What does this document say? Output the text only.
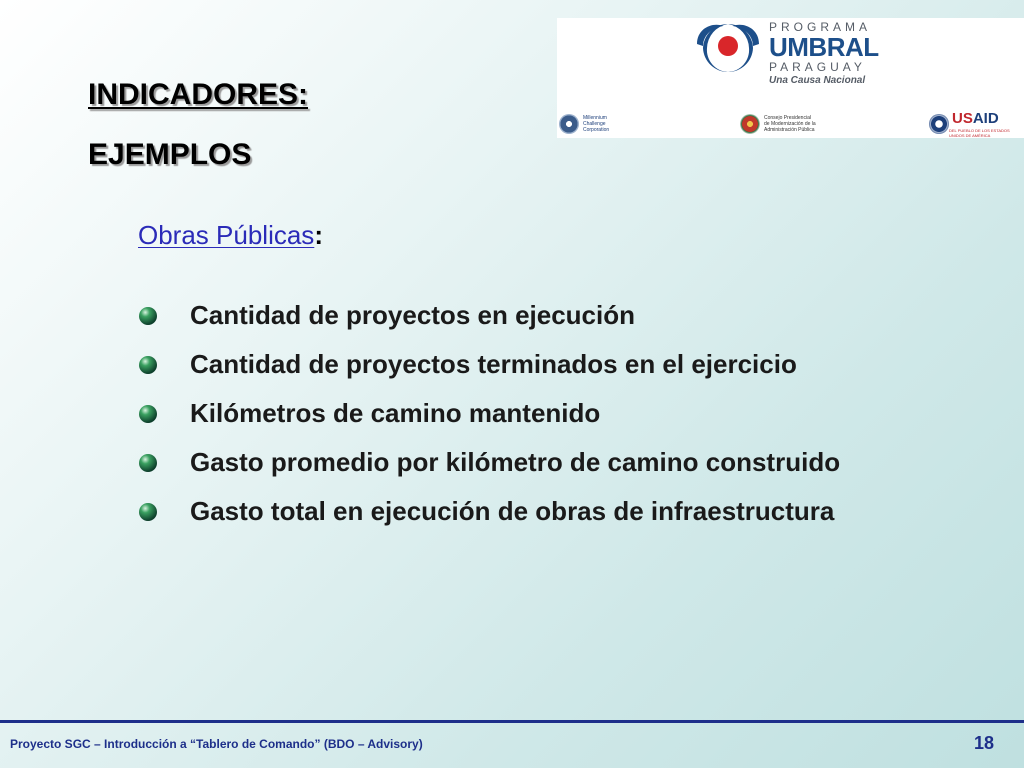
INDICADORES:
EJEMPLOS
PROGRAMA
UMBRAL
PARAGUAY
Una Causa Nacional
Millennium
Challenge
Corporation
Consejo Presidencial
de Modernización de la
Administración Pública
USAID
DEL PUEBLO DE LOS ESTADOS
UNIDOS DE AMÉRICA

Obras Públicas:

Cantidad de proyectos en ejecución
Cantidad de proyectos terminados en el ejercicio
Kilómetros de camino mantenido
Gasto promedio por kilómetro de camino construido
Gasto total en ejecución de obras de infraestructura

Proyecto SGC – Introducción a “Tablero de Comando” (BDO – Advisory)	18
